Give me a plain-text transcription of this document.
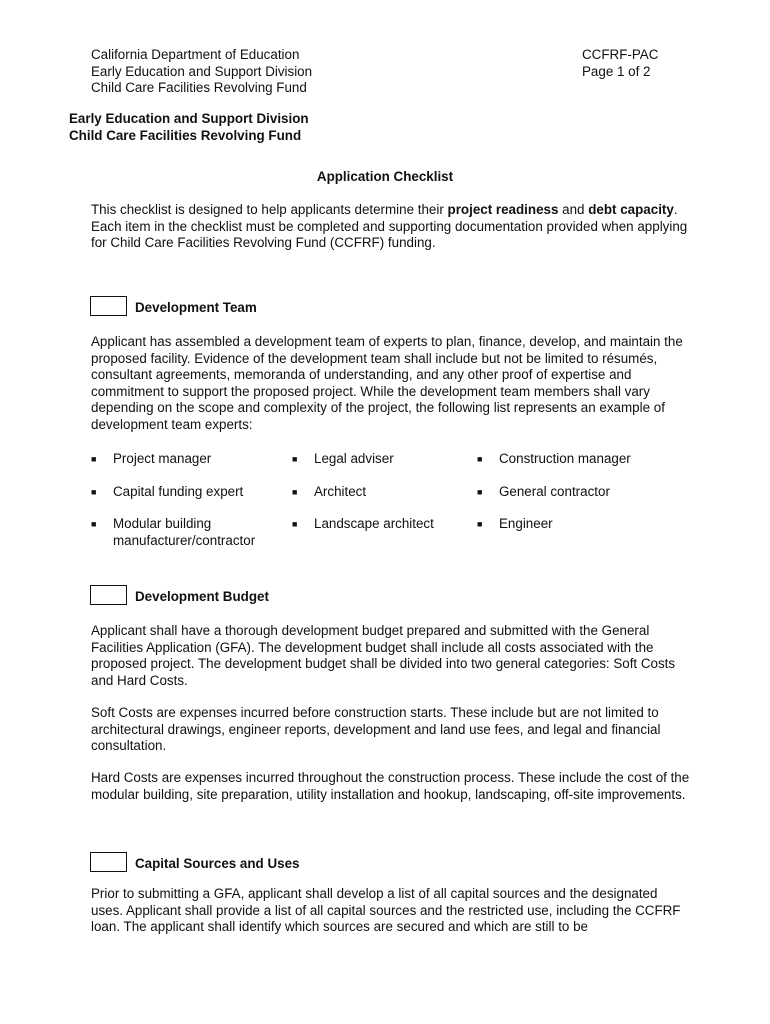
California Department of Education
Early Education and Support Division
Child Care Facilities Revolving Fund
CCFRF-PAC
Page 1 of 2
Early Education and Support Division
Child Care Facilities Revolving Fund
Application Checklist

This checklist is designed to help applicants determine their project readiness and debt capacity. Each item in the checklist must be completed and supporting documentation provided when applying for Child Care Facilities Revolving Fund (CCFRF) funding.

Development Team

Applicant has assembled a development team of experts to plan, finance, develop, and maintain the proposed facility. Evidence of the development team shall include but not be limited to résumés, consultant agreements, memoranda of understanding, and any other proof of expertise and commitment to support the proposed project. While the development team members shall vary depending on the scope and complexity of the project, the following list represents an example of development team experts:

■	Project manager	■	Legal adviser	■	Construction manager
■	Capital funding expert	■	Architect	■	General contractor
■	Modular building manufacturer/contractor
■	Landscape architect	■	Engineer
Development Budget

Applicant shall have a thorough development budget prepared and submitted with the General Facilities Application (GFA). The development budget shall include all costs associated with the proposed project. The development budget shall be divided into two general categories: Soft Costs and Hard Costs.

Soft Costs are expenses incurred before construction starts. These include but are not limited to architectural drawings, engineer reports, development and land use fees, and legal and financial consultation.

Hard Costs are expenses incurred throughout the construction process. These include the cost of the modular building, site preparation, utility installation and hookup, landscaping, off-site improvements.

Capital Sources and Uses

Prior to submitting a GFA, applicant shall develop a list of all capital sources and the designated uses. Applicant shall provide a list of all capital sources and the restricted use, including the CCFRF loan. The applicant shall identify which sources are secured and which are still to be
